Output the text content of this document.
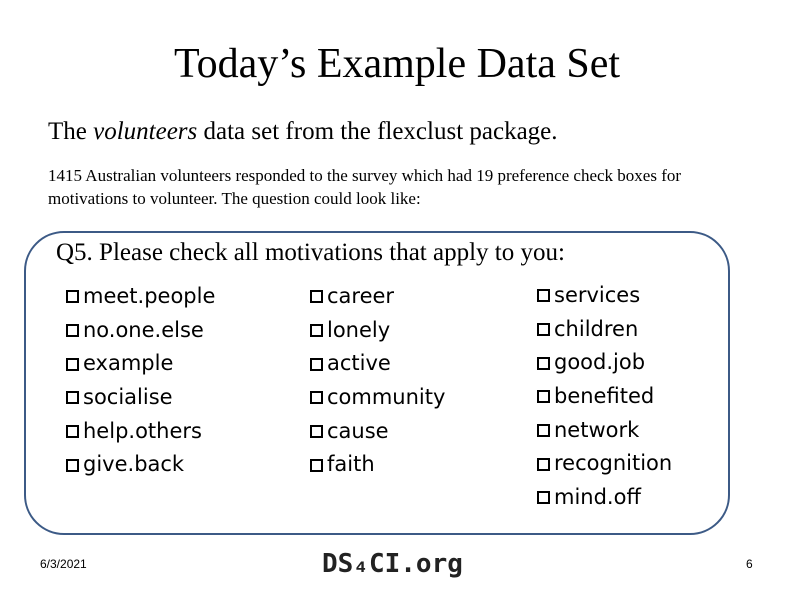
Today’s Example Data Set
The volunteers data set from the flexclust package.
1415 Australian volunteers responded to the survey which had 19 preference check boxes for motivations to volunteer. The question could look like:
Q5. Please check all motivations that apply to you:
meet.people
no.one.else
example
socialise
help.others
give.back
career
lonely
active
community
cause
faith
services
children
good.job
benefited
network
recognition
mind.off
6/3/2021	DS₄CI.org	6
